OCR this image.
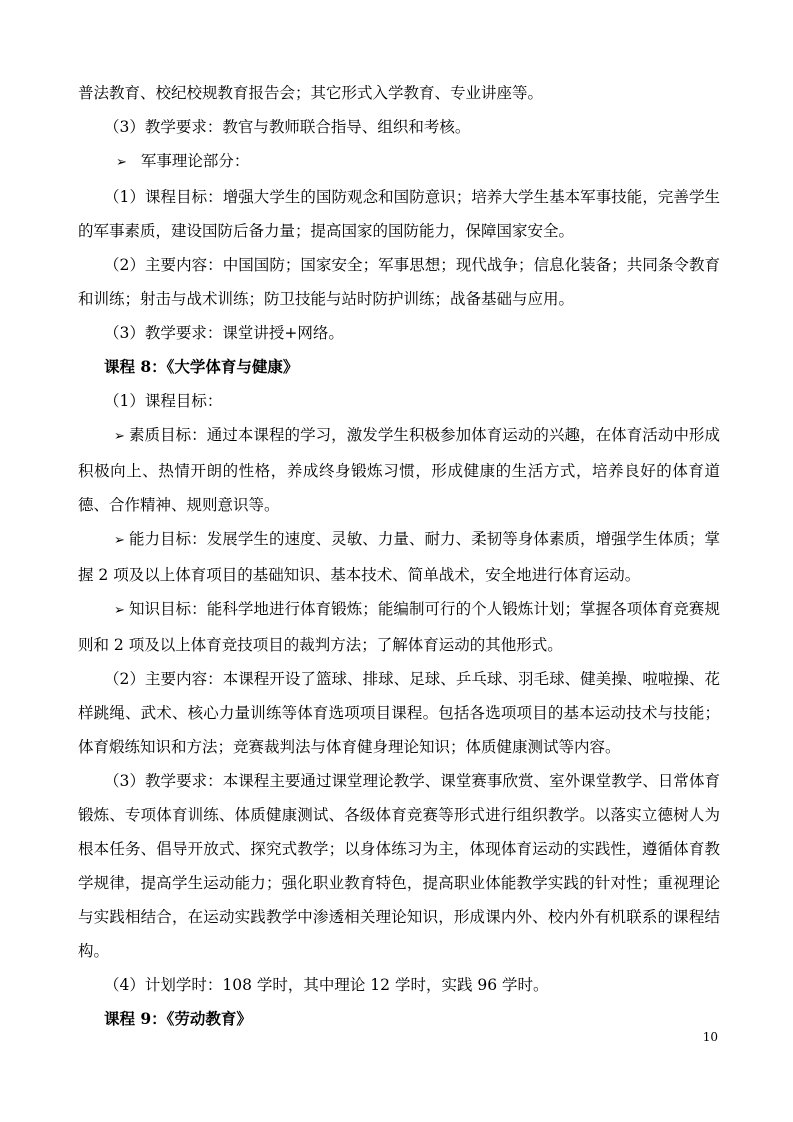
普法教育、校纪校规教育报告会；其它形式入学教育、专业讲座等。

（3）教学要求：教官与教师联合指导、组织和考核。

➢ 军事理论部分：

（1）课程目标：增强大学生的国防观念和国防意识；培养大学生基本军事技能，完善学生的军事素质，建设国防后备力量；提高国家的国防能力，保障国家安全。

（2）主要内容：中国国防；国家安全；军事思想；现代战争；信息化装备；共同条令教育和训练；射击与战术训练；防卫技能与站时防护训练；战备基础与应用。

（3）教学要求：课堂讲授+网络。

课程 8：《大学体育与健康》

（1）课程目标：

➢ 素质目标：通过本课程的学习，激发学生积极参加体育运动的兴趣，在体育活动中形成积极向上、热情开朗的性格，养成终身锻炼习惯，形成健康的生活方式，培养良好的体育道德、合作精神、规则意识等。

➢ 能力目标：发展学生的速度、灵敏、力量、耐力、柔韧等身体素质，增强学生体质；掌握 2 项及以上体育项目的基础知识、基本技术、简单战术，安全地进行体育运动。

➢ 知识目标：能科学地进行体育锻炼；能编制可行的个人锻炼计划；掌握各项体育竞赛规则和 2 项及以上体育竞技项目的裁判方法；了解体育运动的其他形式。

（2）主要内容：本课程开设了篮球、排球、足球、乒乓球、羽毛球、健美操、啦啦操、花样跳绳、武术、核心力量训练等体育选项项目课程。包括各选项项目的基本运动技术与技能；体育煅练知识和方法；竞赛裁判法与体育健身理论知识；体质健康测试等内容。

（3）教学要求：本课程主要通过课堂理论教学、课堂赛事欣赏、室外课堂教学、日常体育锻炼、专项体育训练、体质健康测试、各级体育竞赛等形式进行组织教学。以落实立德树人为根本任务、倡导开放式、探究式教学；以身体练习为主，体现体育运动的实践性，遵循体育教学规律，提高学生运动能力；强化职业教育特色，提高职业体能教学实践的针对性；重视理论与实践相结合，在运动实践教学中渗透相关理论知识，形成课内外、校内外有机联系的课程结构。

（4）计划学时：108 学时，其中理论 12 学时，实践 96 学时。

课程 9：《劳动教育》

10
